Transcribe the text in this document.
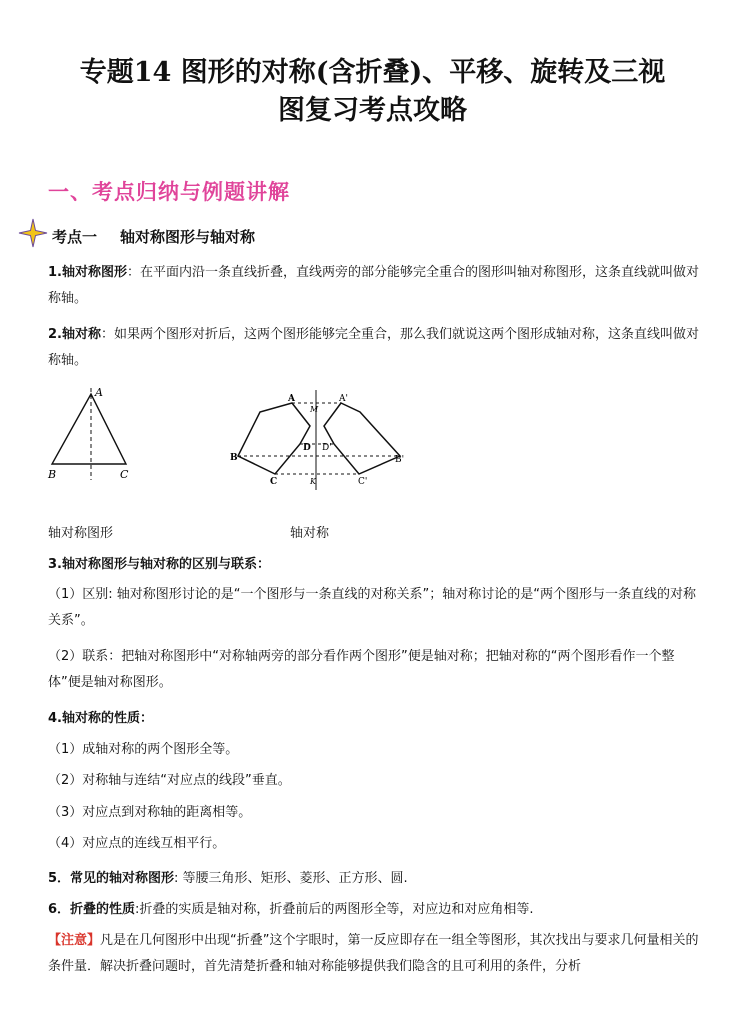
专题14 图形的对称(含折叠)、平移、旋转及三视
图复习考点攻略
一、考点归纳与例题讲解
考点一 轴对称图形与轴对称
1.轴对称图形：在平面内沿一条直线折叠，直线两旁的部分能够完全重合的图形叫轴对称图形，这条直线就叫做对称轴。
2.轴对称：如果两个图形对折后，这两个图形能够完全重合，那么我们就说这两个图形成轴对称，这条直线叫做对称轴。
A
B	C
A	A'
B	B'
C	C'
D D'
M
K
轴对称图形	轴对称
3.轴对称图形与轴对称的区别与联系：
（1）区别: 轴对称图形讨论的是“一个图形与一条直线的对称关系”；轴对称讨论的是“两个图形与一条直线的对称关系”。
（2）联系：把轴对称图形中“对称轴两旁的部分看作两个图形”便是轴对称；把轴对称的“两个图形看作一个整体”便是轴对称图形。
4.轴对称的性质：
（1）成轴对称的两个图形全等。
（2）对称轴与连结“对应点的线段”垂直。
（3）对应点到对称轴的距离相等。
（4）对应点的连线互相平行。
5．常见的轴对称图形: 等腰三角形、矩形、菱形、正方形、圆.
6．折叠的性质:折叠的实质是轴对称，折叠前后的两图形全等，对应边和对应角相等.
【注意】凡是在几何图形中出现“折叠”这个字眼时，第一反应即存在一组全等图形，其次找出与要求几何量相关的条件量．解决折叠问题时，首先清楚折叠和轴对称能够提供我们隐含的且可利用的条件，分析
